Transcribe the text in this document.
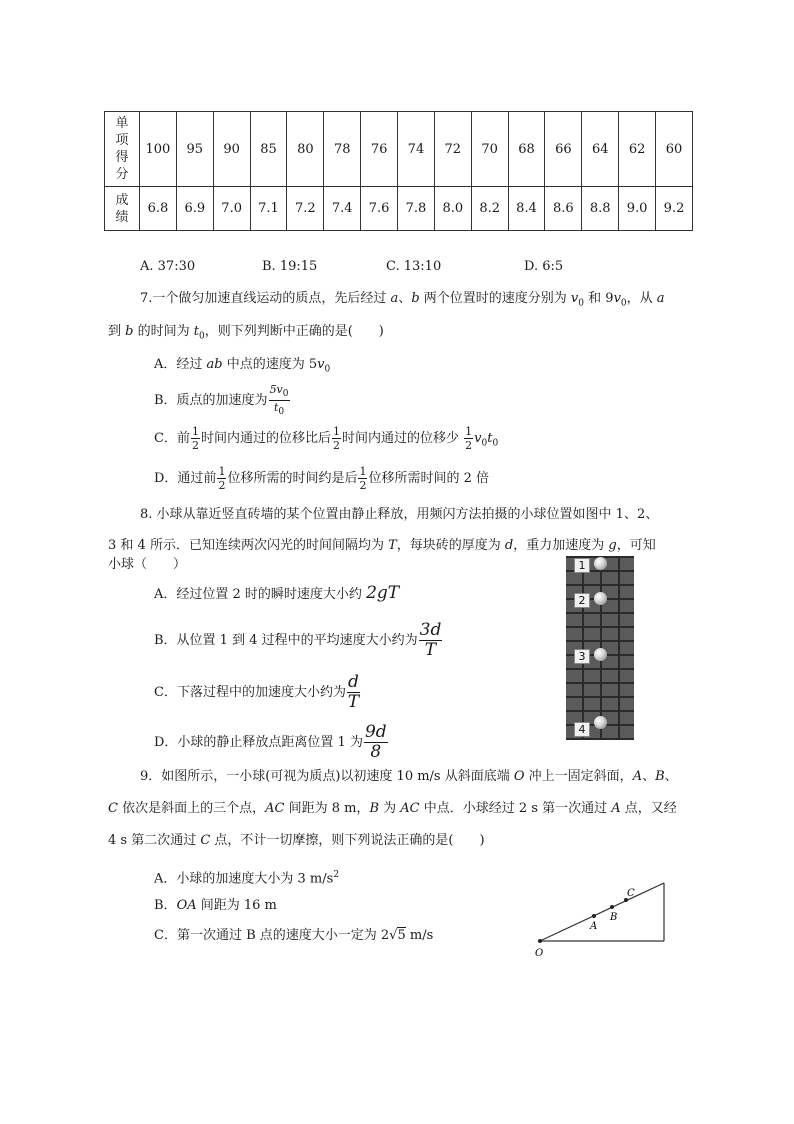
单
项
得
分	100	95	90	85	80	78	76	74	72	70	68	66	64	62	60
成
绩	6.8	6.9	7.0	7.1	7.2	7.4	7.6	7.8	8.0	8.2	8.4	8.6	8.8	9.0	9.2
A. 37:30	B. 19:15	C. 13:10	D. 6:5
7.一个做匀加速直线运动的质点，先后经过 a、b 两个位置时的速度分别为 $v_0$ 和 $9v_0$，从 a
到 b 的时间为 $t_0$，则下列判断中正确的是(　　)
A．经过 ab 中点的速度为 $5v_0$
B．质点的加速度为 $\frac{5v_0}{t_0}$
C．前 $\frac{1}{2}$ 时间内通过的位移比后 $\frac{1}{2}$ 时间内通过的位移少 $\frac{1}{2} v_0t_0$
D．通过前 $\frac{1}{2}$ 位移所需的时间约是后 $\frac{1}{2}$ 位移所需时间的 2 倍
8. 小球从靠近竖直砖墙的某个位置由静止释放，用频闪方法拍摄的小球位置如图中 1、2、
3 和 4 所示．已知连续两次闪光的时间间隔均为 T，每块砖的厚度为 d，重力加速度为 g，可知
小球（　　）
A．经过位置 2 时的瞬时速度大小约 2gT
B．从位置 1 到 4 过程中的平均速度大小约为 $\frac{3d}{T}$
C．下落过程中的加速度大小约为 $\frac{d}{T}$
D．小球的静止释放点距离位置 1 为 $\frac{9d}{8}$
1
2
3
4
9．如图所示，一小球(可视为质点)以初速度 10 m/s 从斜面底端 O 冲上一固定斜面，A、B、
C 依次是斜面上的三个点，AC 间距为 8 m，B 为 AC 中点．小球经过 2 s 第一次通过 A 点，又经
4 s 第二次通过 C 点，不计一切摩擦，则下列说法正确的是(　　)
A．小球的加速度大小为 3 $m/s^2$
B．OA 间距为 16 m
C．第一次通过 B 点的速度大小一定为 2√5 m/s
O
A
B
C
